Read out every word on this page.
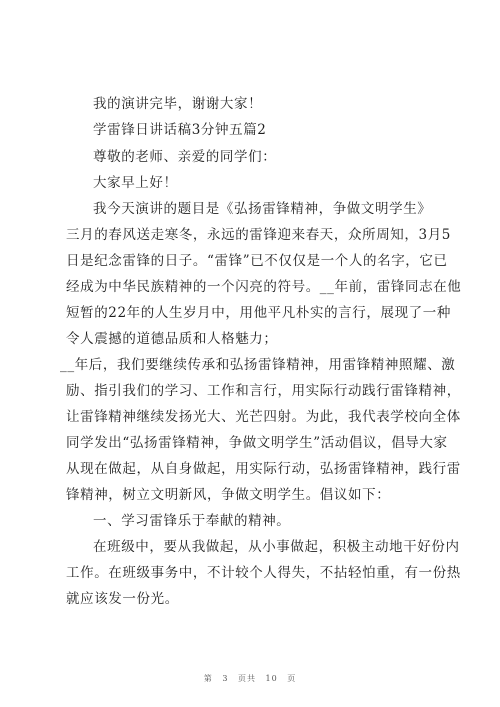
我的演讲完毕，谢谢大家！
学雷锋日讲话稿3分钟五篇2
尊敬的老师、亲爱的同学们：
大家早上好！
我今天演讲的题目是《弘扬雷锋精神，争做文明学生》
三月的春风送走寒冬，永远的雷锋迎来春天，众所周知，3月5
日是纪念雷锋的日子。“雷锋”已不仅仅是一个人的名字，它已
经成为中华民族精神的一个闪亮的符号。__年前，雷锋同志在他
短暂的22年的人生岁月中，用他平凡朴实的言行，展现了一种
令人震撼的道德品质和人格魅力；
__年后，我们要继续传承和弘扬雷锋精神，用雷锋精神照耀、激
励、指引我们的学习、工作和言行，用实际行动践行雷锋精神，
让雷锋精神继续发扬光大、光芒四射。为此，我代表学校向全体
同学发出“弘扬雷锋精神，争做文明学生”活动倡议，倡导大家
从现在做起，从自身做起，用实际行动，弘扬雷锋精神，践行雷
锋精神，树立文明新风，争做文明学生。倡议如下：
一、学习雷锋乐于奉献的精神。
在班级中，要从我做起，从小事做起，积极主动地干好份内
工作。在班级事务中，不计较个人得失，不拈轻怕重，有一份热
就应该发一份光。
第 3 页共 10 页
